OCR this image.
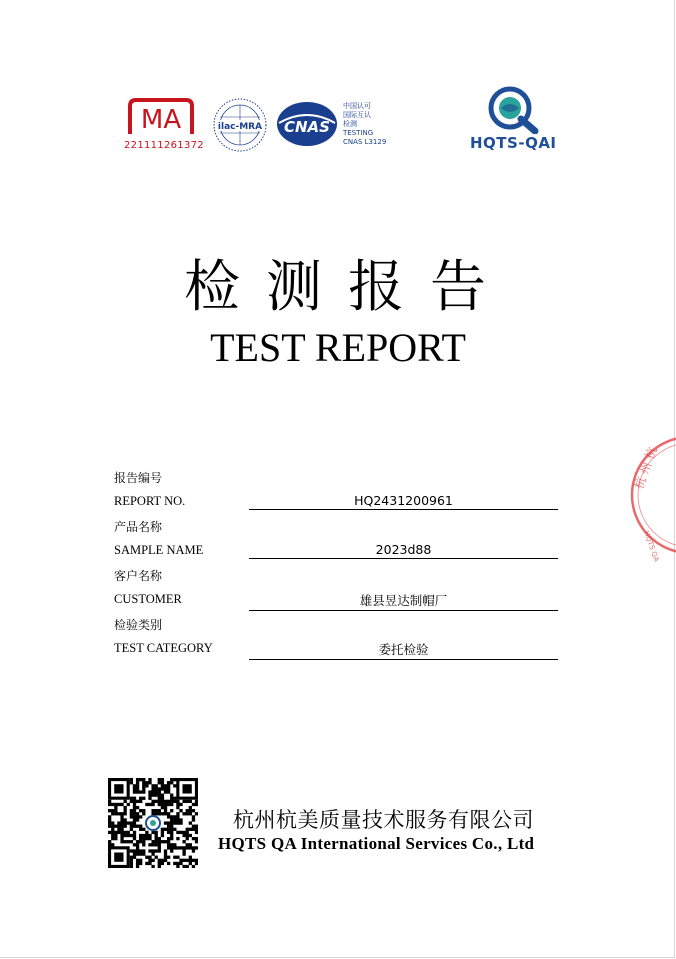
MA
221111261372
ilac-MRA CNAS
中国认可
国际互认
检测
TESTING
CNAS L3129	HQTS-QAI
检测报告
TEST REPORT
报告编号
REPORT NO.	HQ2431200961
产品名称
SAMPLE NAME	2023d88
客户名称
CUSTOMER	雄县昱达制帽厂
检验类别
TEST CATEGORY	委托检验
杭 州 杭
HQTS QA
杭州杭美质量技术服务有限公司
HQTS QA International Services Co., Ltd
